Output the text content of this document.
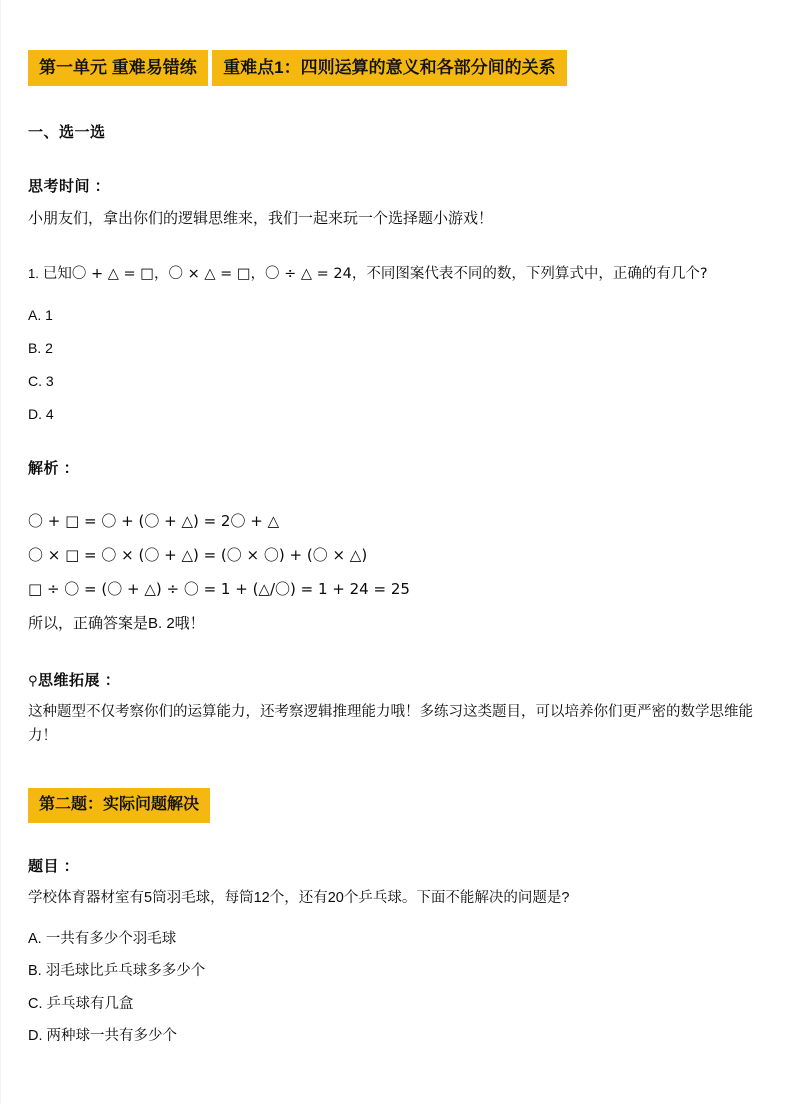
第一单元 重难易错练 重难点1：四则运算的意义和各部分间的关系
一、选一选
思考时间 ：
小朋友们，拿出你们的逻辑思维来，我们一起来玩一个选择题小游戏！
1. 已知〇 + △ = □，〇 × △ = □，〇 ÷ △ = 24，不同图案代表不同的数，下列算式中，正确的有几个?
A. 1
B. 2
C. 3
D. 4
解析 ：
〇 + □ = 〇 + (〇 + △) = 2〇 + △
〇 × □ = 〇 × (〇 + △) = (〇 × 〇) + (〇 × △)
□ ÷ 〇 = (〇 + △) ÷ 〇 = 1 + (△/〇) = 1 + 24 = 25
所以，正确答案是B. 2哦！
⚲思维拓展 ：
这种题型不仅考察你们的运算能力，还考察逻辑推理能力哦！多练习这类题目，可以培养你们更严密的数学思维能力！
第二题：实际问题解决
题目 ：
学校体育器材室有5筒羽毛球，每筒12个，还有20个乒乓球。下面不能解决的问题是?
A. 一共有多少个羽毛球
B. 羽毛球比乒乓球多多少个
C. 乒乓球有几盒
D. 两种球一共有多少个
